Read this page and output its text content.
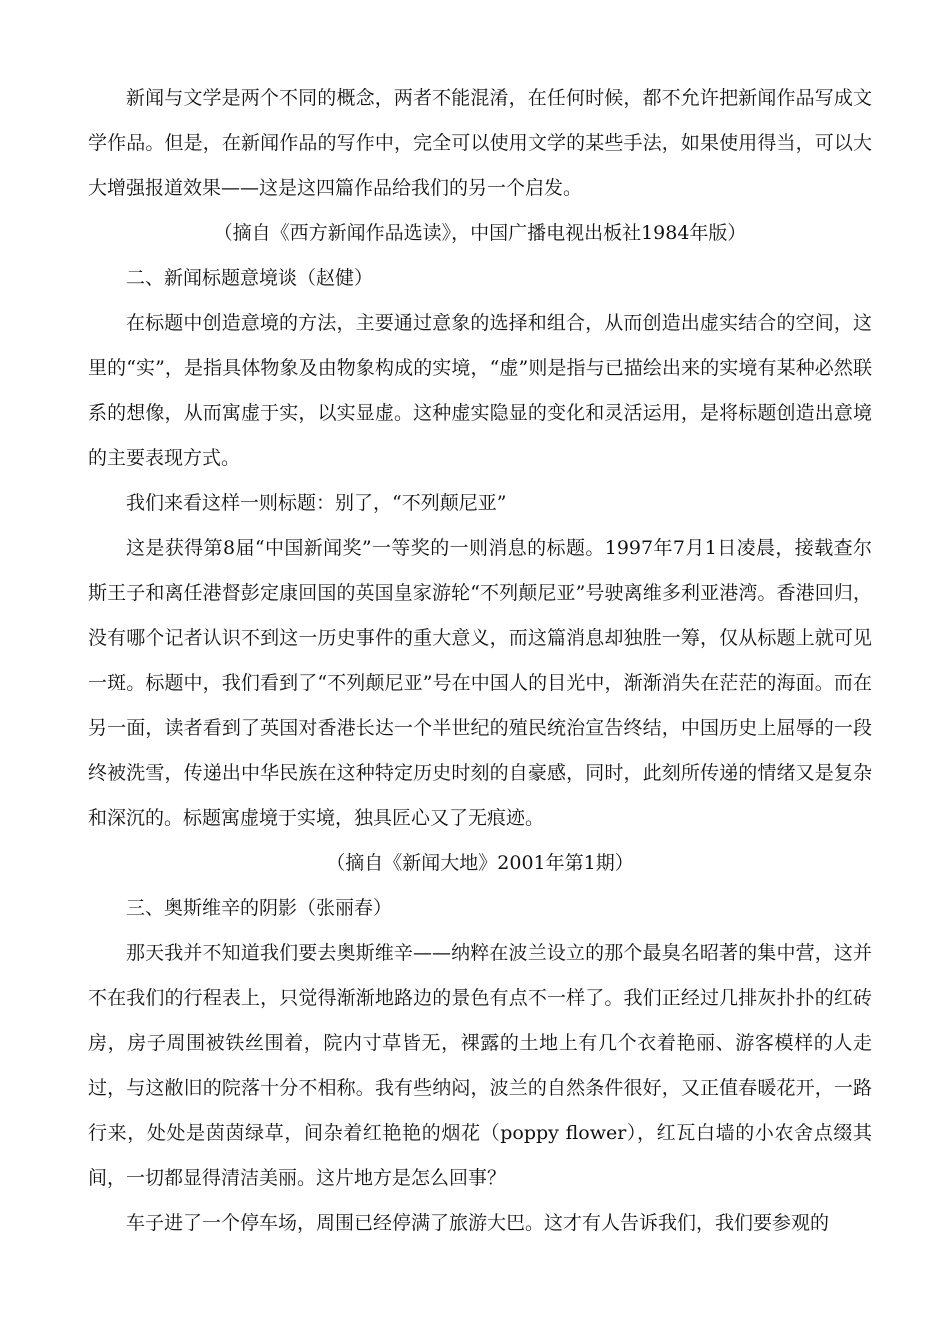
新闻与文学是两个不同的概念，两者不能混淆，在任何时候，都不允许把新闻作品写成文学作品。但是，在新闻作品的写作中，完全可以使用文学的某些手法，如果使用得当，可以大大增强报道效果——这是这四篇作品给我们的另一个启发。

（摘自《西方新闻作品选读》，中国广播电视出板社1984年版）

二、新闻标题意境谈（赵健）

在标题中创造意境的方法，主要通过意象的选择和组合，从而创造出虚实结合的空间，这里的“实”，是指具体物象及由物象构成的实境，“虚”则是指与已描绘出来的实境有某种必然联系的想像，从而寓虚于实，以实显虚。这种虚实隐显的变化和灵活运用，是将标题创造出意境的主要表现方式。

我们来看这样一则标题：别了，“不列颠尼亚”

这是获得第8届“中国新闻奖”一等奖的一则消息的标题。1997年7月1日凌晨，接载查尔斯王子和离任港督彭定康回国的英国皇家游轮“不列颠尼亚”号驶离维多利亚港湾。香港回归，没有哪个记者认识不到这一历史事件的重大意义，而这篇消息却独胜一筹，仅从标题上就可见一斑。标题中，我们看到了“不列颠尼亚”号在中国人的目光中，渐渐消失在茫茫的海面。而在另一面，读者看到了英国对香港长达一个半世纪的殖民统治宣告终结，中国历史上屈辱的一段终被洗雪，传递出中华民族在这种特定历史时刻的自豪感，同时，此刻所传递的情绪又是复杂和深沉的。标题寓虚境于实境，独具匠心又了无痕迹。

（摘自《新闻大地》2001年第1期）

三、奥斯维辛的阴影（张丽春）

那天我并不知道我们要去奥斯维辛——纳粹在波兰设立的那个最臭名昭著的集中营，这并不在我们的行程表上，只觉得渐渐地路边的景色有点不一样了。我们正经过几排灰扑扑的红砖房，房子周围被铁丝围着，院内寸草皆无，裸露的土地上有几个衣着艳丽、游客模样的人走过，与这敝旧的院落十分不相称。我有些纳闷，波兰的自然条件很好，又正值春暖花开，一路行来，处处是茵茵绿草，间杂着红艳艳的烟花（poppy flower），红瓦白墙的小农舍点缀其间，一切都显得清洁美丽。这片地方是怎么回事？

车子进了一个停车场，周围已经停满了旅游大巴。这才有人告诉我们，我们要参观的
